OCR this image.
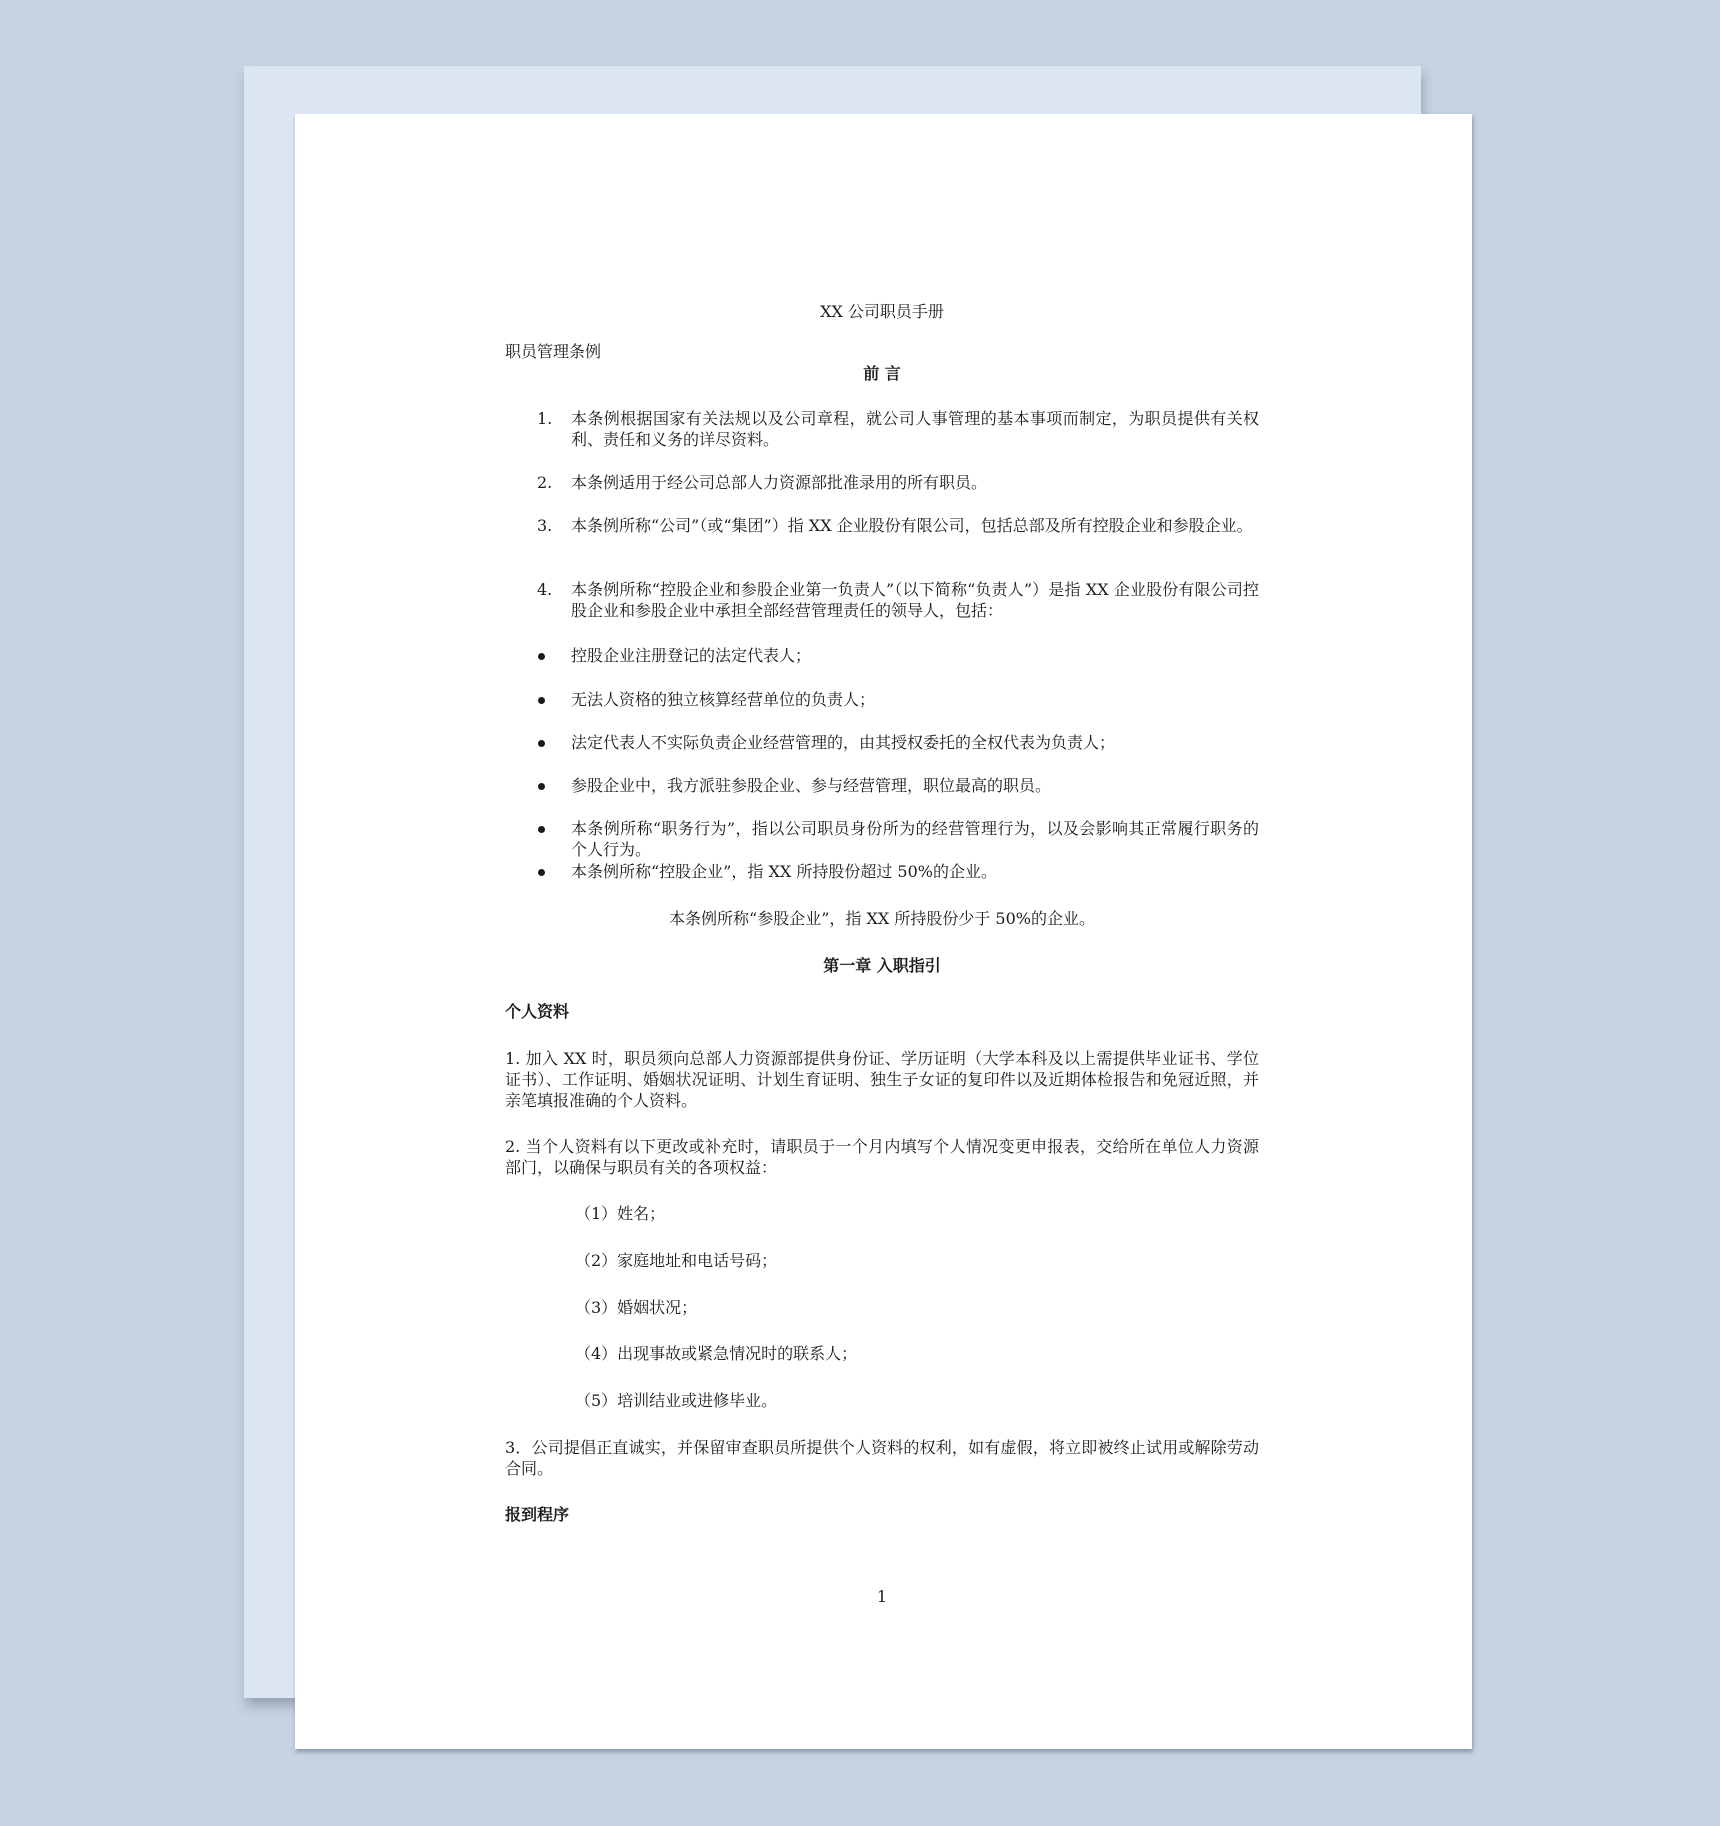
XX 公司职员手册
职员管理条例
前 言
1.	本条例根据国家有关法规以及公司章程，就公司人事管理的基本事项而制定，为职员提供有关权利、责任和义务的详尽资料。
2.	本条例适用于经公司总部人力资源部批准录用的所有职员。
3.	本条例所称“公司”（或“集团”）指 XX 企业股份有限公司，包括总部及所有控股企业和参股企业。
4.	本条例所称“控股企业和参股企业第一负责人”（以下简称“负责人”）是指 XX 企业股份有限公司控股企业和参股企业中承担全部经营管理责任的领导人，包括：
控股企业注册登记的法定代表人；
无法人资格的独立核算经营单位的负责人；
法定代表人不实际负责企业经营管理的，由其授权委托的全权代表为负责人；
参股企业中，我方派驻参股企业、参与经营管理，职位最高的职员。
本条例所称“职务行为”，指以公司职员身份所为的经营管理行为，以及会影响其正常履行职务的个人行为。
本条例所称“控股企业”，指 XX 所持股份超过 50%的企业。
本条例所称“参股企业”，指 XX 所持股份少于 50%的企业。
第一章 入职指引
个人资料
1. 加入 XX 时，职员须向总部人力资源部提供身份证、学历证明（大学本科及以上需提供毕业证书、学位证书）、工作证明、婚姻状况证明、计划生育证明、独生子女证的复印件以及近期体检报告和免冠近照，并亲笔填报准确的个人资料。
2. 当个人资料有以下更改或补充时，请职员于一个月内填写个人情况变更申报表，交给所在单位人力资源部门，以确保与职员有关的各项权益：
（1）姓名；
（2）家庭地址和电话号码；
（3）婚姻状况；
（4）出现事故或紧急情况时的联系人；
（5）培训结业或进修毕业。
3．公司提倡正直诚实，并保留审查职员所提供个人资料的权利，如有虚假，将立即被终止试用或解除劳动合同。
报到程序
1
